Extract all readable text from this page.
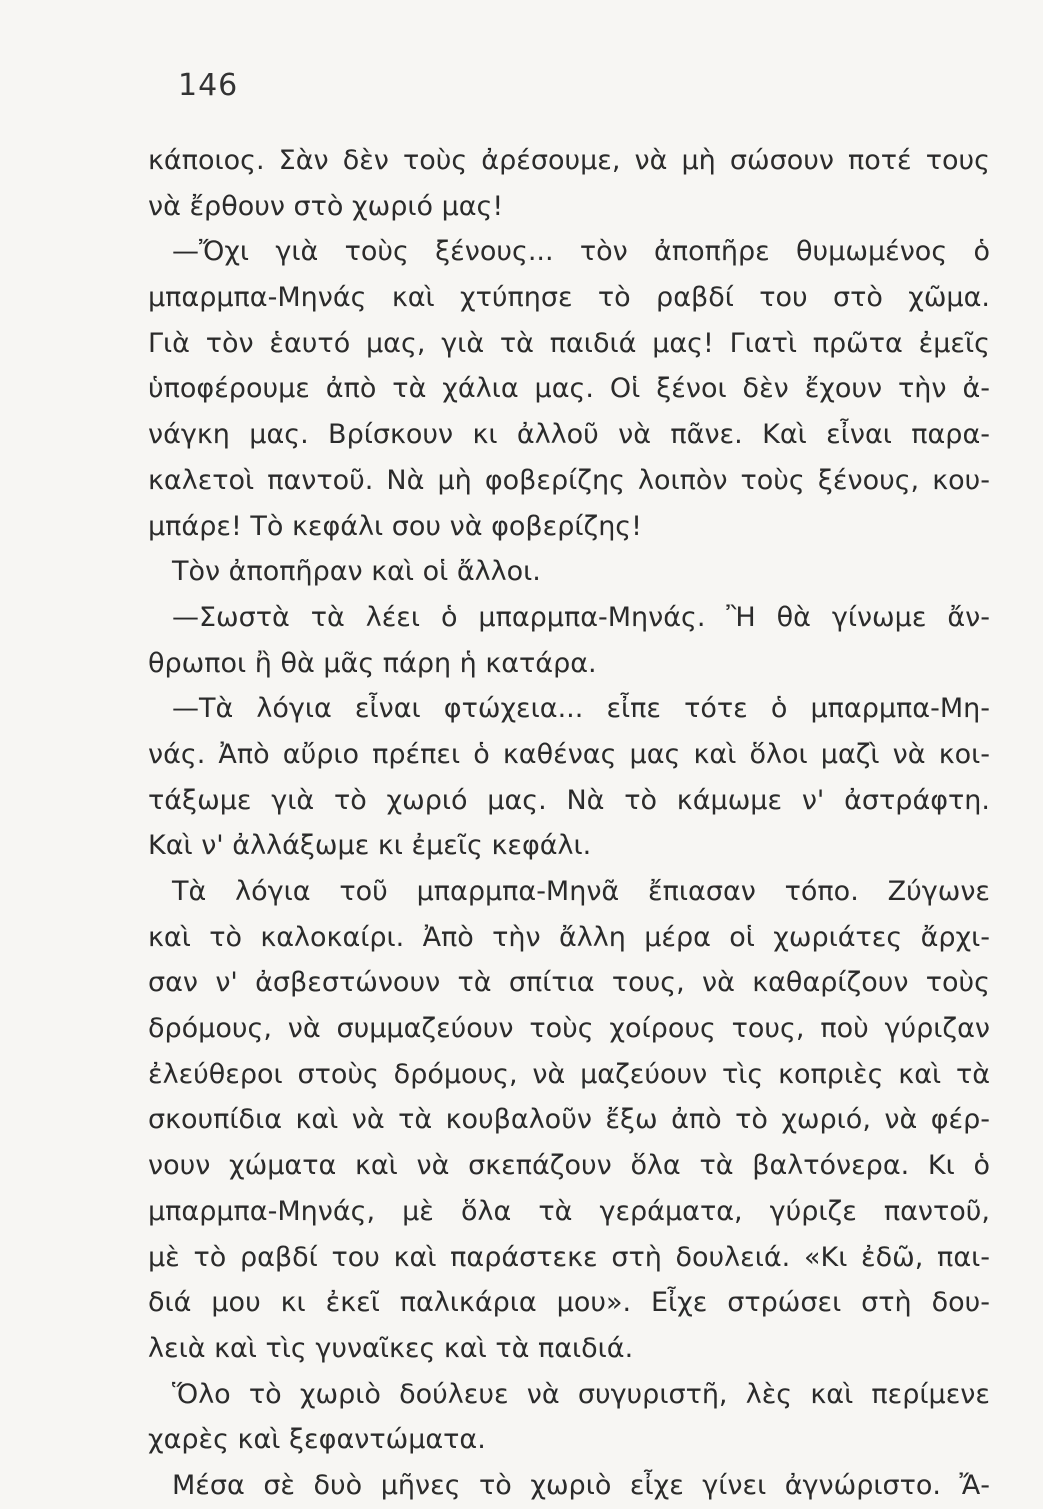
146
κάποιος. Σὰν δὲν τοὺς ἀρέσουμε, νὰ μὴ σώσουν ποτέ τους
νὰ ἔρθουν στὸ χωριό μας!
—Ὄχι γιὰ τοὺς ξένους... τὸν ἀποπῆρε θυμωμένος ὁ
μπαρμπα-Μηνάς καὶ χτύπησε τὸ ραβδί του στὸ χῶμα.
Γιὰ τὸν ἑαυτό μας, γιὰ τὰ παιδιά μας! Γιατὶ πρῶτα ἐμεῖς
ὑποφέρουμε ἀπὸ τὰ χάλια μας. Οἱ ξένοι δὲν ἔχουν τὴν ἀ-
νάγκη μας. Βρίσκουν κι ἀλλοῦ νὰ πᾶνε. Καὶ εἶναι παρα-
καλετοὶ παντοῦ. Νὰ μὴ φοβερίζης λοιπὸν τοὺς ξένους, κου-
μπάρε! Τὸ κεφάλι σου νὰ φοβερίζης!
Τὸν ἀποπῆραν καὶ οἱ ἄλλοι.
—Σωστὰ τὰ λέει ὁ μπαρμπα-Μηνάς. Ἢ θὰ γίνωμε ἄν-
θρωποι ἢ θὰ μᾶς πάρη ἡ κατάρα.
—Τὰ λόγια εἶναι φτώχεια... εἶπε τότε ὁ μπαρμπα-Μη-
νάς. Ἀπὸ αὔριο πρέπει ὁ καθένας μας καὶ ὅλοι μαζὶ νὰ κοι-
τάξωμε γιὰ τὸ χωριό μας. Νὰ τὸ κάμωμε ν' ἀστράφτη.
Καὶ ν' ἀλλάξωμε κι ἐμεῖς κεφάλι.
Τὰ λόγια τοῦ μπαρμπα-Μηνᾶ ἔπιασαν τόπο. Ζύγωνε
καὶ τὸ καλοκαίρι. Ἀπὸ τὴν ἄλλη μέρα οἱ χωριάτες ἄρχι-
σαν ν' ἀσβεστώνουν τὰ σπίτια τους, νὰ καθαρίζουν τοὺς
δρόμους, νὰ συμμαζεύουν τοὺς χοίρους τους, ποὺ γύριζαν
ἐλεύθεροι στοὺς δρόμους, νὰ μαζεύουν τὶς κοπριὲς καὶ τὰ
σκουπίδια καὶ νὰ τὰ κουβαλοῦν ἔξω ἀπὸ τὸ χωριό, νὰ φέρ-
νουν χώματα καὶ νὰ σκεπάζουν ὅλα τὰ βαλτόνερα. Κι ὁ
μπαρμπα-Μηνάς, μὲ ὅλα τὰ γεράματα, γύριζε παντοῦ,
μὲ τὸ ραβδί του καὶ παράστεκε στὴ δουλειά. «Κι ἐδῶ, παι-
διά μου κι ἐκεῖ παλικάρια μου». Εἶχε στρώσει στὴ δου-
λειὰ καὶ τὶς γυναῖκες καὶ τὰ παιδιά.
Ὅλο τὸ χωριὸ δούλευε νὰ συγυριστῆ, λὲς καὶ περίμενε
χαρὲς καὶ ξεφαντώματα.
Μέσα σὲ δυὸ μῆνες τὸ χωριὸ εἶχε γίνει ἀγνώριστο. Ἄ-
